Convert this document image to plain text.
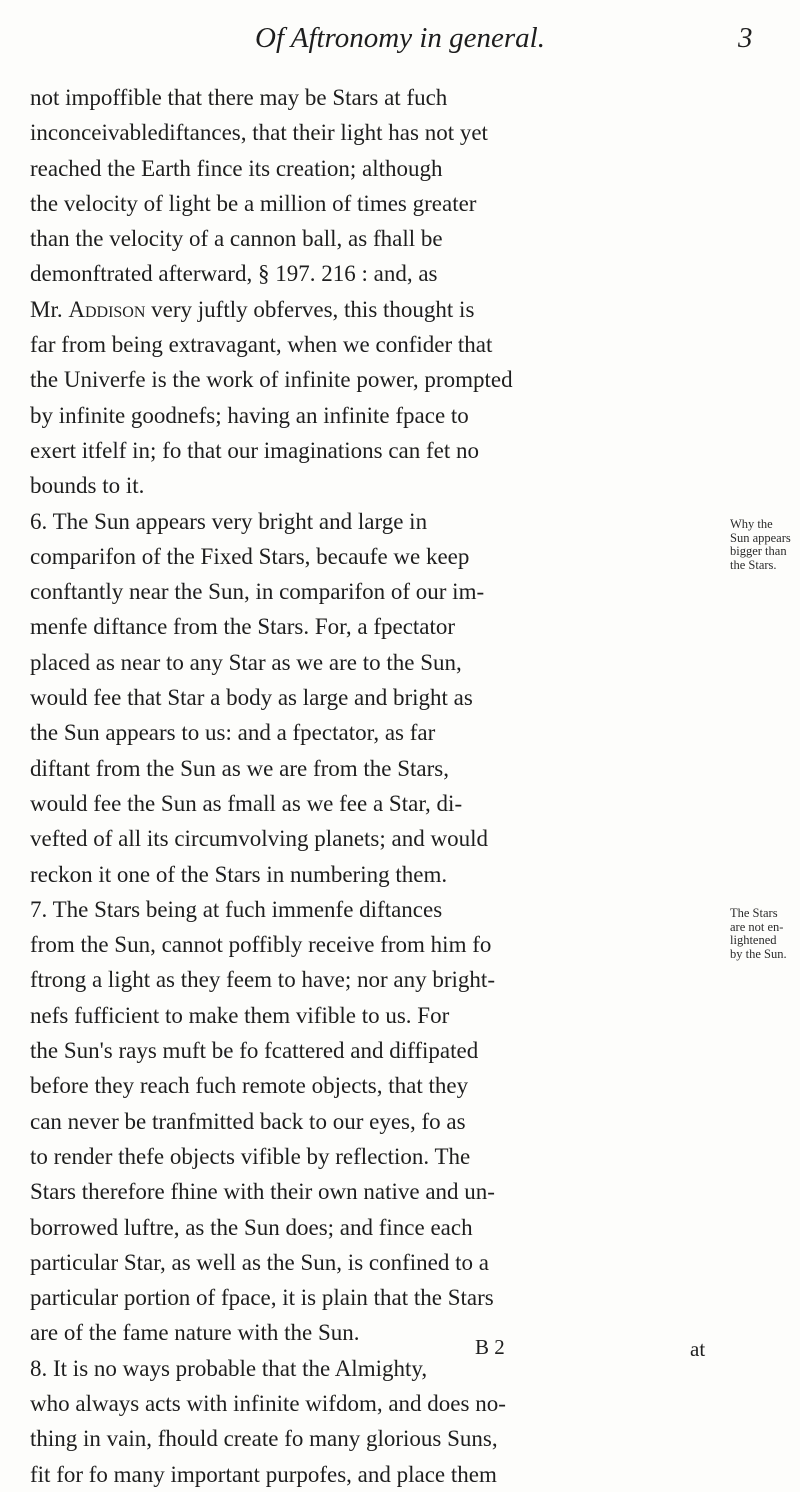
Of Aftronomy in general.	3
not impoffible that there may be Stars at fuch
inconceivablediftances, that their light has not yet
reached the Earth fince its creation; although
the velocity of light be a million of times greater
than the velocity of a cannon ball, as fhall be
demonftrated afterward, § 197. 216 : and, as
Mr. Addison very juftly obferves, this thought is
far from being extravagant, when we confider that
the Univerfe is the work of infinite power, prompted
by infinite goodnefs; having an infinite fpace to
exert itfelf in; fo that our imaginations can fet no
bounds to it.
6. The Sun appears very bright and large in
comparifon of the Fixed Stars, becaufe we keep
conftantly near the Sun, in comparifon of our im-
menfe diftance from the Stars. For, a fpectator
placed as near to any Star as we are to the Sun,
would fee that Star a body as large and bright as
the Sun appears to us: and a fpectator, as far
diftant from the Sun as we are from the Stars,
would fee the Sun as fmall as we fee a Star, di-
vefted of all its circumvolving planets; and would
reckon it one of the Stars in numbering them.
7. The Stars being at fuch immenfe diftances
from the Sun, cannot poffibly receive from him fo
ftrong a light as they feem to have; nor any bright-
nefs fufficient to make them vifible to us. For
the Sun's rays muft be fo fcattered and diffipated
before they reach fuch remote objects, that they
can never be tranfmitted back to our eyes, fo as
to render thefe objects vifible by reflection. The
Stars therefore fhine with their own native and un-
borrowed luftre, as the Sun does; and fince each
particular Star, as well as the Sun, is confined to a
particular portion of fpace, it is plain that the Stars
are of the fame nature with the Sun.
8. It is no ways probable that the Almighty,
who always acts with infinite wifdom, and does no-
thing in vain, fhould create fo many glorious Suns,
fit for fo many important purpofes, and place them
Why the
Sun appears
bigger than
the Stars.
The Stars
are not en-
lightened
by the Sun.
B 2	at
